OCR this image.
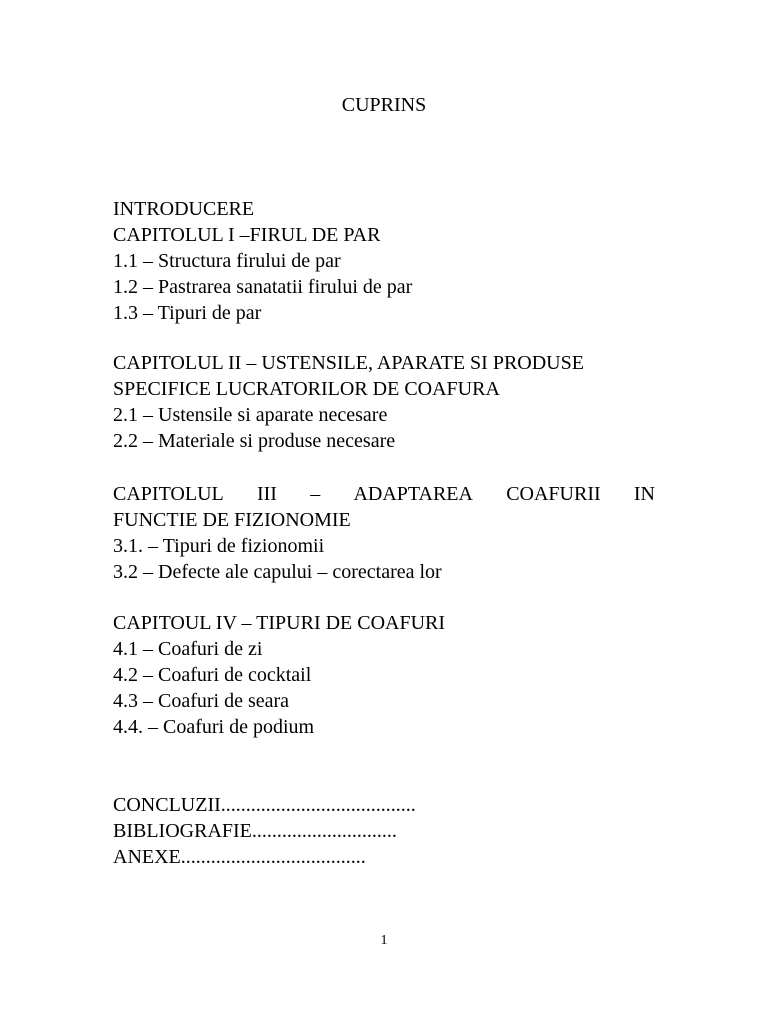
CUPRINS
INTRODUCERE
CAPITOLUL I –FIRUL DE PAR
1.1 – Structura firului de par
1.2 – Pastrarea sanatatii firului de par
1.3 – Tipuri de par
CAPITOLUL II – USTENSILE, APARATE SI PRODUSE
SPECIFICE LUCRATORILOR DE COAFURA
2.1 – Ustensile si aparate necesare
2.2 – Materiale si produse necesare
CAPITOLUL III – ADAPTAREA COAFURII IN
FUNCTIE DE FIZIONOMIE
3.1. – Tipuri de fizionomii
3.2 – Defecte ale capului – corectarea lor
CAPITOUL IV – TIPURI DE COAFURI
4.1 – Coafuri de zi
4.2 – Coafuri de cocktail
4.3 – Coafuri de seara
4.4. – Coafuri de podium
CONCLUZII.......................................
BIBLIOGRAFIE.............................
ANEXE.....................................
1
